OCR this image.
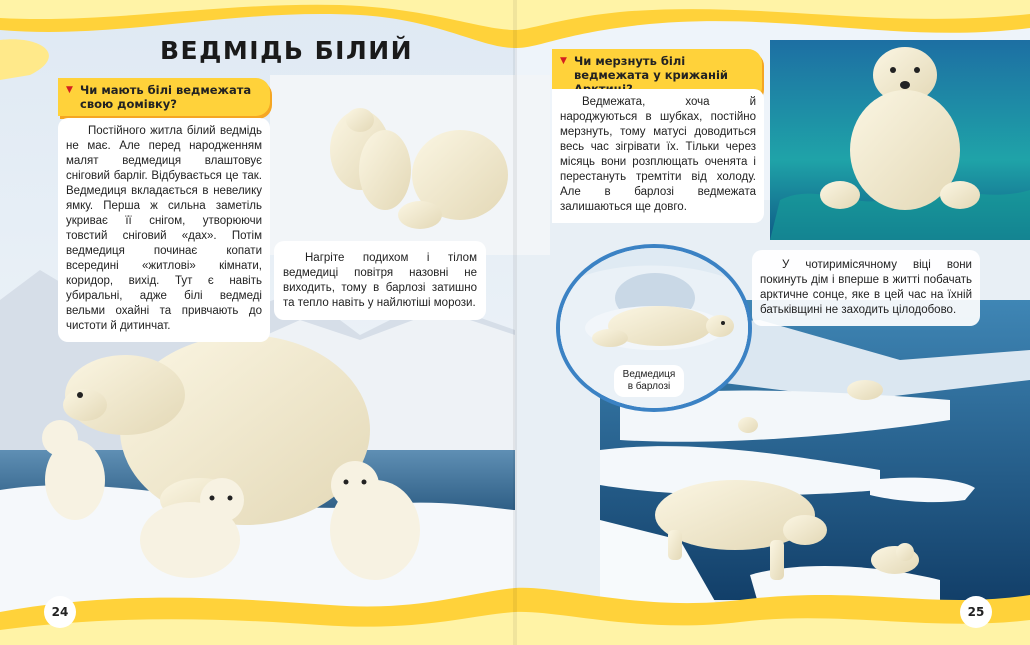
ВЕДМІДЬ БІЛИЙ
▼ Чи мають білі ведмежата свою домівку?

Постійного житла білий ведмідь не має. Але перед народженням малят ведмедиця влаштовує сніговий барліг. Відбувається це так. Ведмедиця вкладається в невелику ямку. Перша ж сильна заметіль укриває її снігом, утворюючи товстий сніговий «дах». Потім ведмедиця починає копати всередині «житлові» кімнати, коридор, вихід. Тут є навіть убиральні, адже білі ведмеді вельми охайні та привчають до чистоти й дитинчат.

Нагріте подихом і тілом ведмедиці повітря назовні не виходить, тому в барлозі затишно та тепло навіть у найлютіші морози.

▼ Чи мерзнуть білі ведмежата у крижаній

Ведмежата, хоча й народжуються в шубках, постійно мерзнуть, тому матусі доводиться весь час зігрівати їх. Тільки через місяць вони розплющать оченята і перестануть тремтіти від холоду. Але в барлозі ведмежата залишаються ще довго.

У чотиримісячному віці вони покинуть дім і вперше в житті побачать арктичне сонце, яке в цей час на їхній батьківщині не заходить цілодобово.

Ведмедиця в барлозі
24	25
